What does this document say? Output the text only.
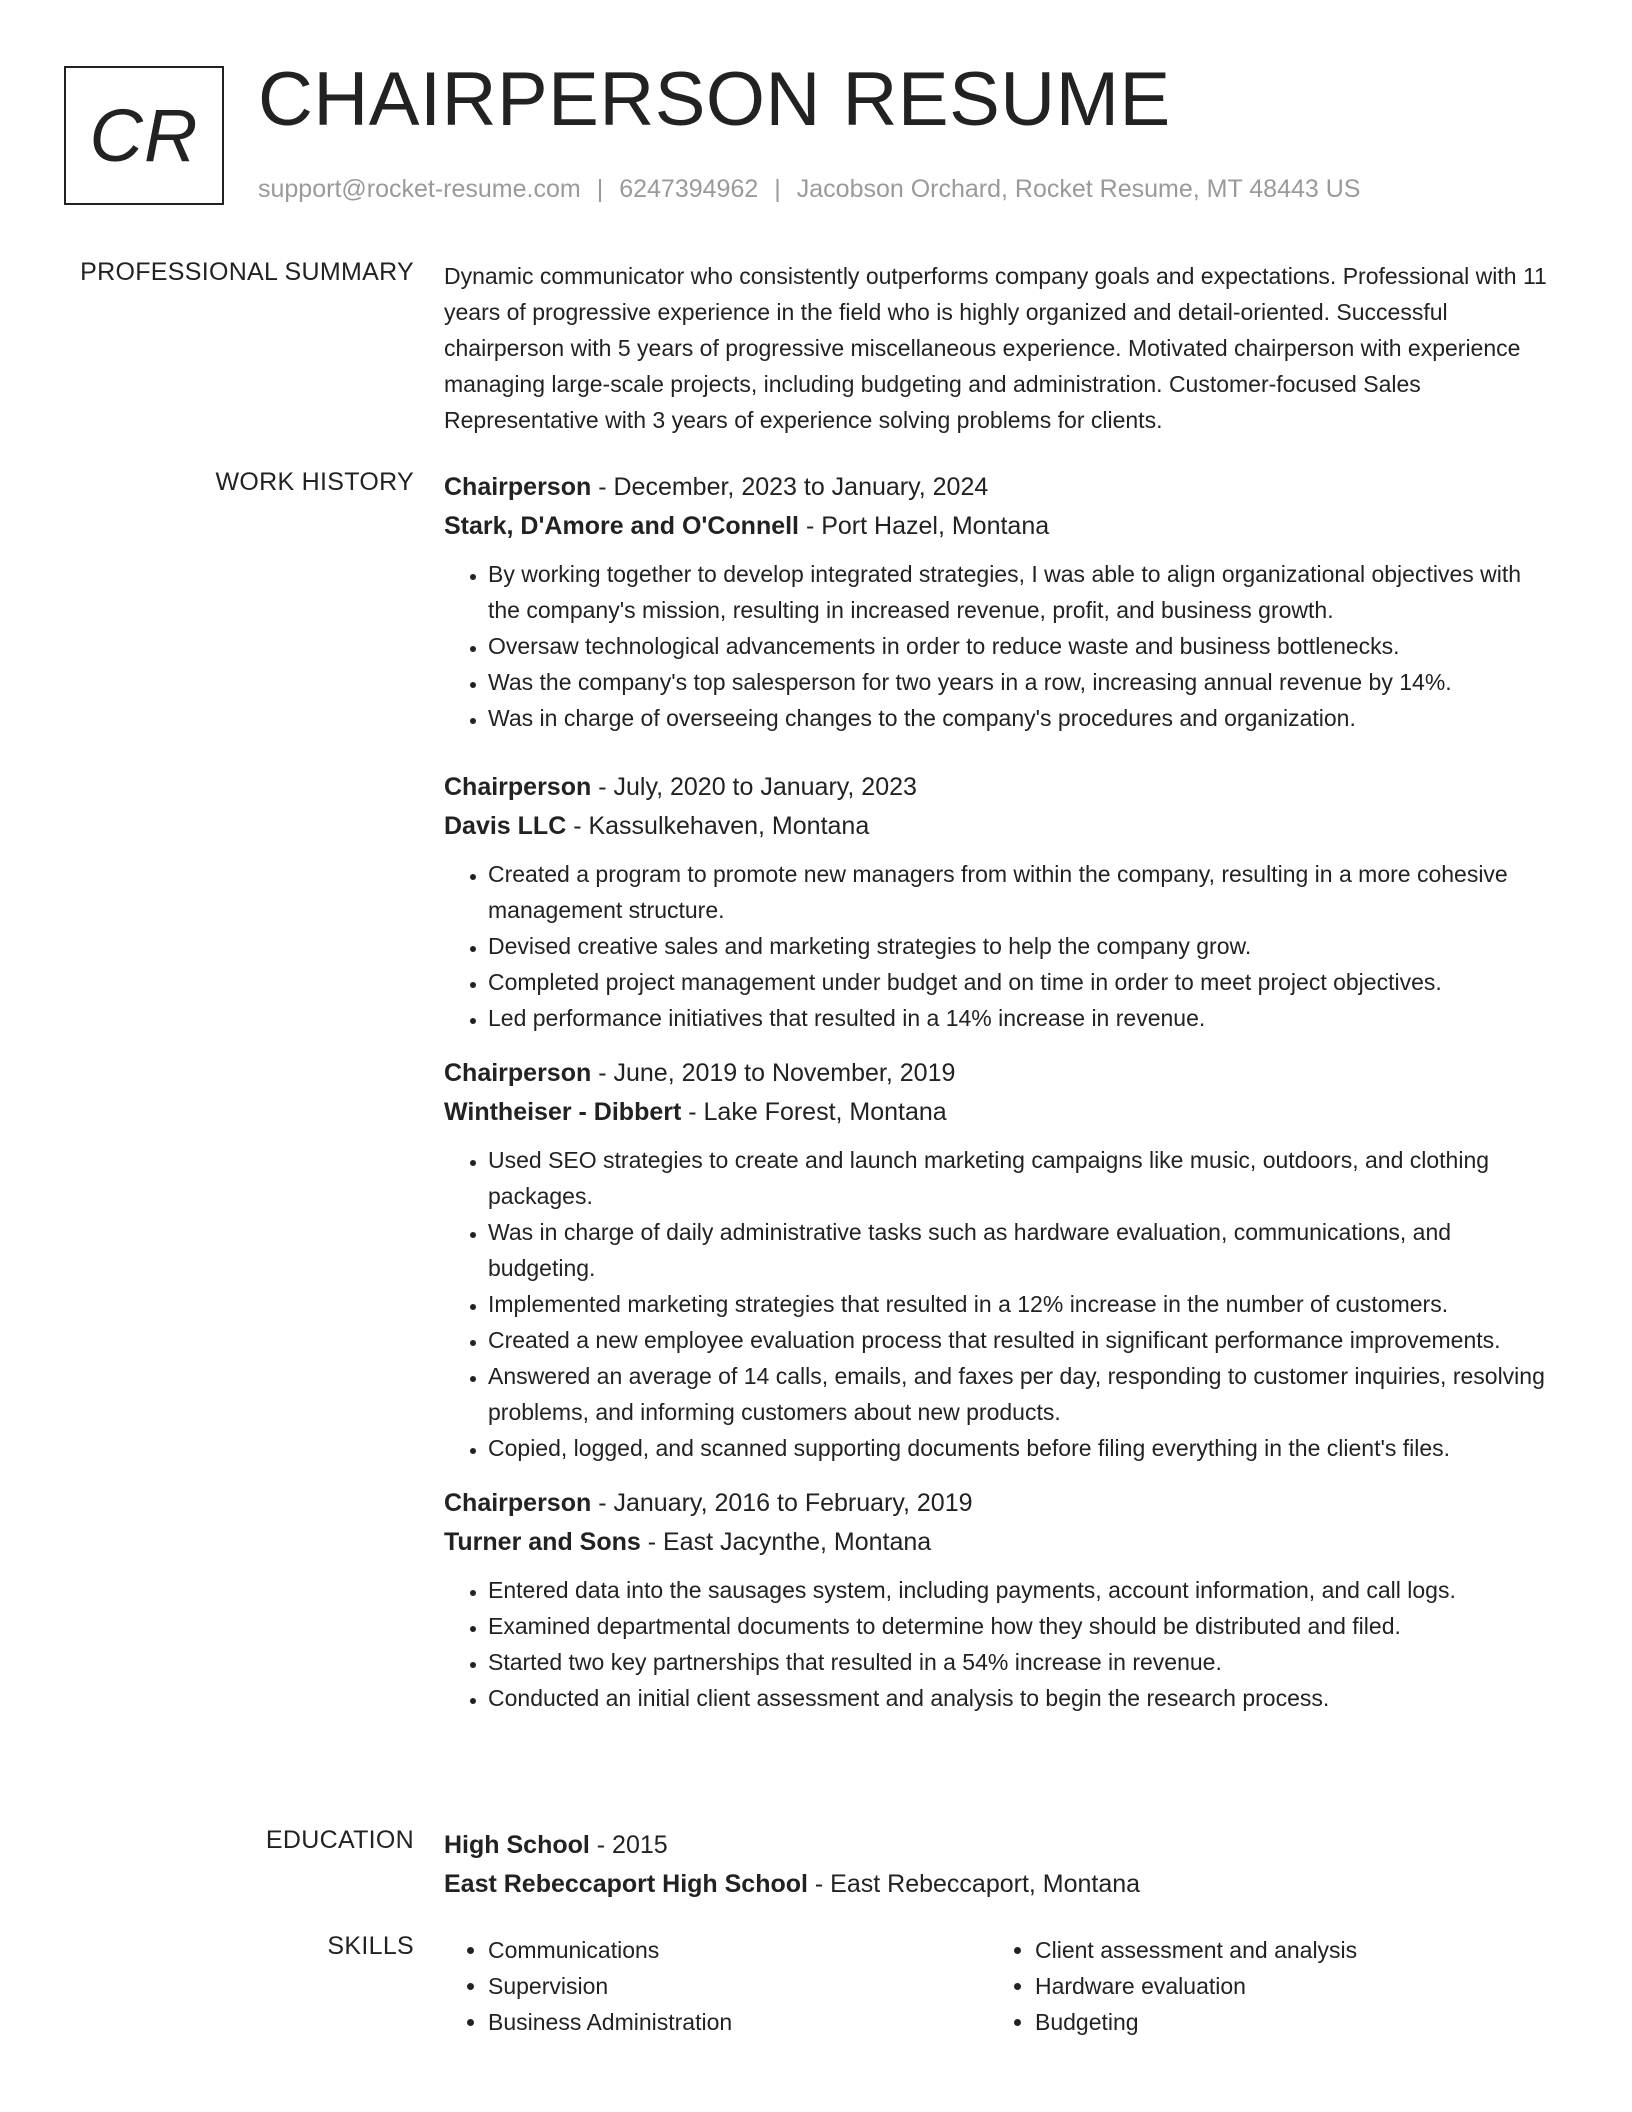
CR CHAIRPERSON RESUME
support@rocket-resume.com | 6247394962 | Jacobson Orchard, Rocket Resume, MT 48443 US
PROFESSIONAL SUMMARY Dynamic communicator who consistently outperforms company goals and expectations. Professional with 11 years of progressive experience in the field who is highly organized and detail-oriented. Successful chairperson with 5 years of progressive miscellaneous experience. Motivated chairperson with experience managing large-scale projects, including budgeting and administration. Customer-focused Sales Representative with 3 years of experience solving problems for clients.

WORK HISTORY Chairperson - December, 2023 to January, 2024

Stark, D'Amore and O'Connell - Port Hazel, Montana

• By working together to develop integrated strategies, I was able to align organizational objectives with the company's mission, resulting in increased revenue, profit, and business growth.
• Oversaw technological advancements in order to reduce waste and business bottlenecks.
• Was the company's top salesperson for two years in a row, increasing annual revenue by 14%.
• Was in charge of overseeing changes to the company's procedures and organization.

Chairperson - July, 2020 to January, 2023

Davis LLC - Kassulkehaven, Montana

• Created a program to promote new managers from within the company, resulting in a more cohesive management structure.
• Devised creative sales and marketing strategies to help the company grow.
• Completed project management under budget and on time in order to meet project objectives.
• Led performance initiatives that resulted in a 14% increase in revenue.

Chairperson - June, 2019 to November, 2019

Wintheiser - Dibbert - Lake Forest, Montana

• Used SEO strategies to create and launch marketing campaigns like music, outdoors, and clothing packages.
• Was in charge of daily administrative tasks such as hardware evaluation, communications, and budgeting.
• Implemented marketing strategies that resulted in a 12% increase in the number of customers.
• Created a new employee evaluation process that resulted in significant performance improvements.
• Answered an average of 14 calls, emails, and faxes per day, responding to customer inquiries, resolving problems, and informing customers about new products.
• Copied, logged, and scanned supporting documents before filing everything in the client's files.

Chairperson - January, 2016 to February, 2019

Turner and Sons - East Jacynthe, Montana

• Entered data into the sausages system, including payments, account information, and call logs.
• Examined departmental documents to determine how they should be distributed and filed.
• Started two key partnerships that resulted in a 54% increase in revenue.
• Conducted an initial client assessment and analysis to begin the research process.
EDUCATION High School - 2015

East Rebeccaport High School - East Rebeccaport, Montana

SKILLS
•	Communications
• Supervision
• Business Administration
• Client assessment and analysis
• Hardware evaluation
• Budgeting
